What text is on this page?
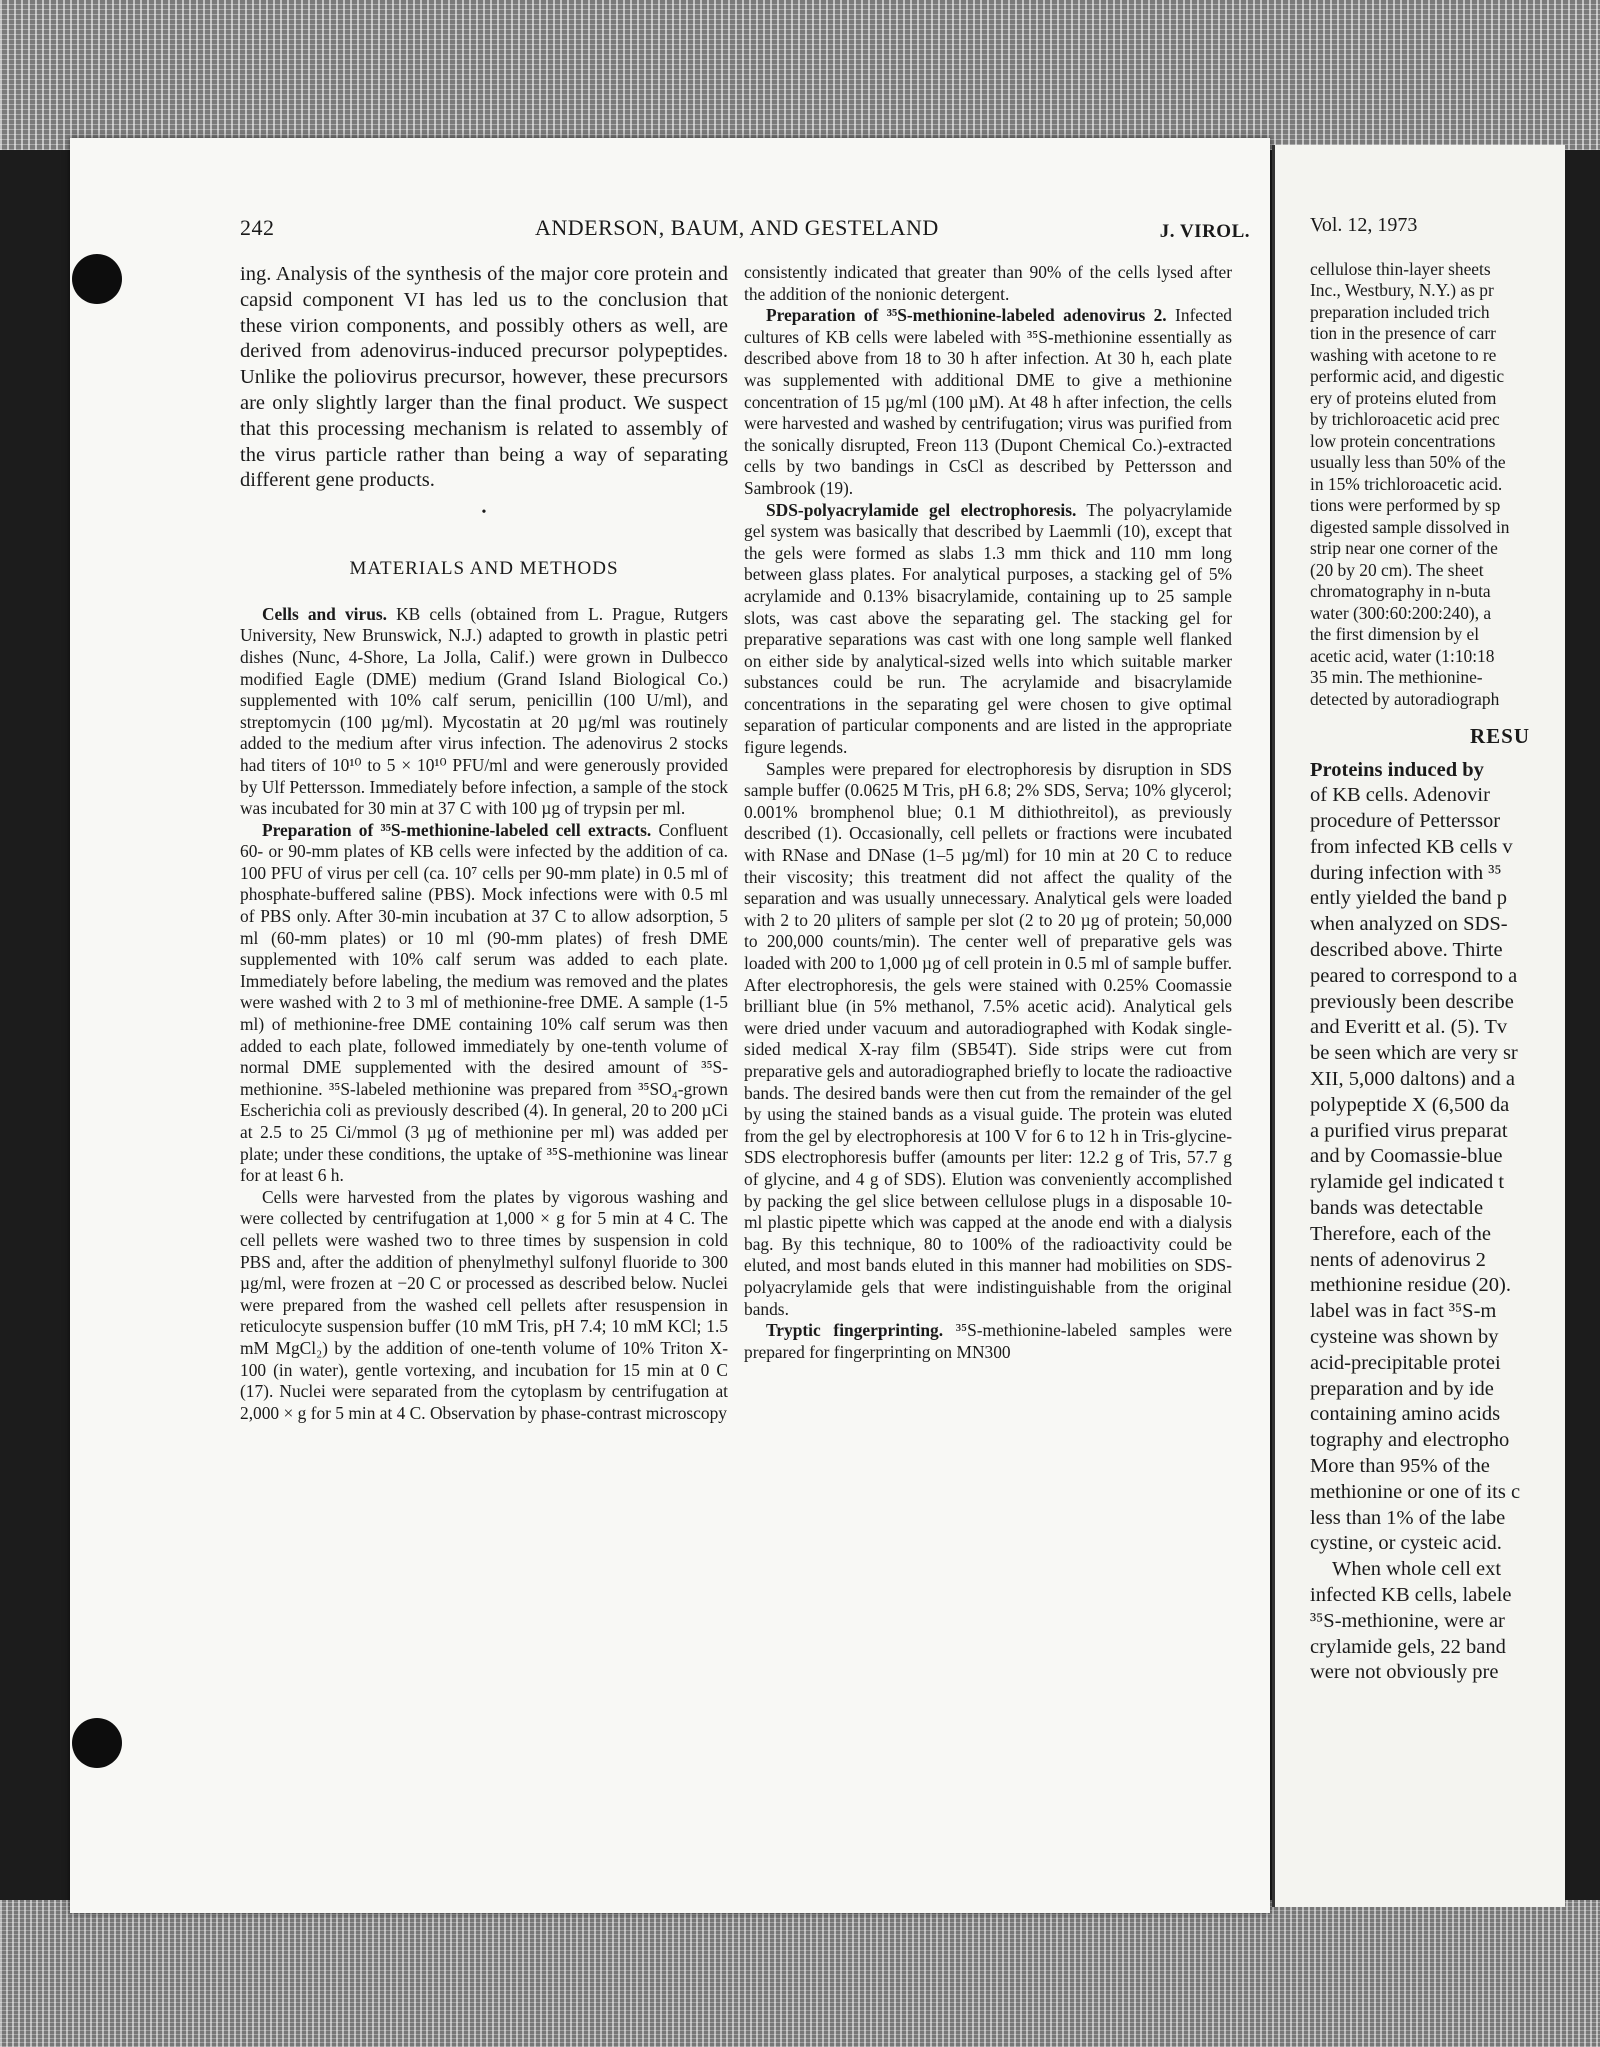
242	ANDERSON, BAUM, AND GESTELAND	J. VIROL.

ing. Analysis of the synthesis of the major core protein and capsid component VI has led us to the conclusion that these virion components, and possibly others as well, are derived from adenovirus-induced precursor polypeptides. Unlike the poliovirus precursor, however, these precursors are only slightly larger than the final product. We suspect that this processing mechanism is related to assembly of the virus particle rather than being a way of separating different gene products.

•
MATERIALS AND METHODS

Cells and virus. KB cells (obtained from L. Prague, Rutgers University, New Brunswick, N.J.) adapted to growth in plastic petri dishes (Nunc, 4-Shore, La Jolla, Calif.) were grown in Dulbecco modified Eagle (DME) medium (Grand Island Biological Co.) supplemented with 10% calf serum, penicillin (100 U/ml), and streptomycin (100 µg/ml). Mycostatin at 20 µg/ml was routinely added to the medium after virus infection. The adenovirus 2 stocks had titers of 10¹⁰ to 5 × 10¹⁰ PFU/ml and were generously provided by Ulf Pettersson. Immediately before infection, a sample of the stock was incubated for 30 min at 37 C with 100 µg of trypsin per ml.

Preparation of ³⁵S-methionine-labeled cell extracts. Confluent 60- or 90-mm plates of KB cells were infected by the addition of ca. 100 PFU of virus per cell (ca. 10⁷ cells per 90-mm plate) in 0.5 ml of phosphate-buffered saline (PBS). Mock infections were with 0.5 ml of PBS only. After 30-min incubation at 37 C to allow adsorption, 5 ml (60-mm plates) or 10 ml (90-mm plates) of fresh DME supplemented with 10% calf serum was added to each plate. Immediately before labeling, the medium was removed and the plates were washed with 2 to 3 ml of methionine-free DME. A sample (1-5 ml) of methionine-free DME containing 10% calf serum was then added to each plate, followed immediately by one-tenth volume of normal DME supplemented with the desired amount of ³⁵S-methionine. ³⁵S-labeled methionine was prepared from ³⁵SO₄-grown Escherichia coli as previously described (4). In general, 20 to 200 µCi at 2.5 to 25 Ci/mmol (3 µg of methionine per ml) was added per plate; under these conditions, the uptake of ³⁵S-methionine was linear for at least 6 h.

Cells were harvested from the plates by vigorous washing and were collected by centrifugation at 1,000 × g for 5 min at 4 C. The cell pellets were washed two to three times by suspension in cold PBS and, after the addition of phenylmethyl sulfonyl fluoride to 300 µg/ml, were frozen at −20 C or processed as described below. Nuclei were prepared from the washed cell pellets after resuspension in reticulocyte suspension buffer (10 mM Tris, pH 7.4; 10 mM KCl; 1.5 mM MgCl₂) by the addition of one-tenth volume of 10% Triton X-100 (in water), gentle vortexing, and incubation for 15 min at 0 C (17). Nuclei were separated from the cytoplasm by centrifugation at 2,000 × g for 5 min at 4 C. Observation by phase-contrast microscopy

consistently indicated that greater than 90% of the cells lysed after the addition of the nonionic detergent.

Preparation of ³⁵S-methionine-labeled adenovirus 2. Infected cultures of KB cells were labeled with ³⁵S-methionine essentially as described above from 18 to 30 h after infection. At 30 h, each plate was supplemented with additional DME to give a methionine concentration of 15 µg/ml (100 µM). At 48 h after infection, the cells were harvested and washed by centrifugation; virus was purified from the sonically disrupted, Freon 113 (Dupont Chemical Co.)-extracted cells by two bandings in CsCl as described by Pettersson and Sambrook (19).

SDS-polyacrylamide gel electrophoresis. The polyacrylamide gel system was basically that described by Laemmli (10), except that the gels were formed as slabs 1.3 mm thick and 110 mm long between glass plates. For analytical purposes, a stacking gel of 5% acrylamide and 0.13% bisacrylamide, containing up to 25 sample slots, was cast above the separating gel. The stacking gel for preparative separations was cast with one long sample well flanked on either side by analytical-sized wells into which suitable marker substances could be run. The acrylamide and bisacrylamide concentrations in the separating gel were chosen to give optimal separation of particular components and are listed in the appropriate figure legends.

Samples were prepared for electrophoresis by disruption in SDS sample buffer (0.0625 M Tris, pH 6.8; 2% SDS, Serva; 10% glycerol; 0.001% bromphenol blue; 0.1 M dithiothreitol), as previously described (1). Occasionally, cell pellets or fractions were incubated with RNase and DNase (1–5 µg/ml) for 10 min at 20 C to reduce their viscosity; this treatment did not affect the quality of the separation and was usually unnecessary. Analytical gels were loaded with 2 to 20 µliters of sample per slot (2 to 20 µg of protein; 50,000 to 200,000 counts/min). The center well of preparative gels was loaded with 200 to 1,000 µg of cell protein in 0.5 ml of sample buffer. After electrophoresis, the gels were stained with 0.25% Coomassie brilliant blue (in 5% methanol, 7.5% acetic acid). Analytical gels were dried under vacuum and autoradiographed with Kodak single-sided medical X-ray film (SB54T). Side strips were cut from preparative gels and autoradiographed briefly to locate the radioactive bands. The desired bands were then cut from the remainder of the gel by using the stained bands as a visual guide. The protein was eluted from the gel by electrophoresis at 100 V for 6 to 12 h in Tris-glycine-SDS electrophoresis buffer (amounts per liter: 12.2 g of Tris, 57.7 g of glycine, and 4 g of SDS). Elution was conveniently accomplished by packing the gel slice between cellulose plugs in a disposable 10-ml plastic pipette which was capped at the anode end with a dialysis bag. By this technique, 80 to 100% of the radioactivity could be eluted, and most bands eluted in this manner had mobilities on SDS-polyacrylamide gels that were indistinguishable from the original bands.

Tryptic fingerprinting. ³⁵S-methionine-labeled samples were prepared for fingerprinting on MN300

Vol. 12, 1973
cellulose thin-layer sheets
Inc., Westbury, N.Y.) as pr
preparation included trich
tion in the presence of carr
washing with acetone to re
performic acid, and digestic
ery of proteins eluted from
by trichloroacetic acid prec
low protein concentrations
usually less than 50% of the
in 15% trichloroacetic acid.
tions were performed by sp
digested sample dissolved in
strip near one corner of the
(20 by 20 cm). The sheet
chromatography in n-buta
water (300:60:200:240), a
the first dimension by el
acetic acid, water (1:10:18
35 min. The methionine-
detected by autoradiograph
RESU
Proteins induced by
of KB cells. Adenovir
procedure of Petterssor
from infected KB cells v
during infection with ³⁵
ently yielded the band p
when analyzed on SDS-
described above. Thirte
peared to correspond to a
previously been describe
and Everitt et al. (5). Tv
be seen which are very sr
XII, 5,000 daltons) and a
polypeptide X (6,500 da
a purified virus preparat
and by Coomassie-blue
rylamide gel indicated t
bands was detectable
Therefore, each of the
nents of adenovirus 2
methionine residue (20).
label was in fact ³⁵S-m
cysteine was shown by
acid-precipitable protei
preparation and by ide
containing amino acids
tography and electropho
More than 95% of the
methionine or one of its c
less than 1% of the labe
cystine, or cysteic acid.
When whole cell ext
infected KB cells, labele
³⁵S-methionine, were ar
crylamide gels, 22 band
were not obviously pre
